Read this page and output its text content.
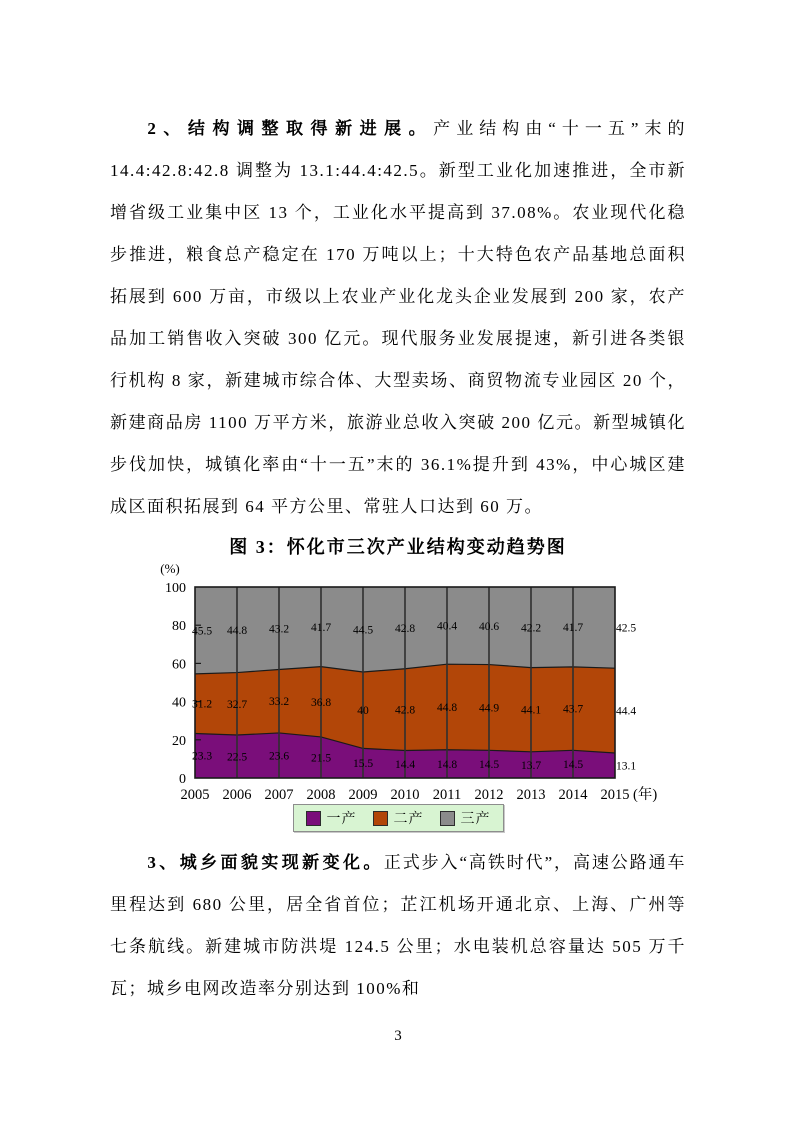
2、结构调整取得新进展。产业结构由“十一五”末的 14.4:42.8:42.8 调整为 13.1:44.4:42.5。新型工业化加速推进，全市新增省级工业集中区 13 个，工业化水平提高到 37.08%。农业现代化稳步推进，粮食总产稳定在 170 万吨以上；十大特色农产品基地总面积拓展到 600 万亩，市级以上农业产业化龙头企业发展到 200 家，农产品加工销售收入突破 300 亿元。现代服务业发展提速，新引进各类银行机构 8 家，新建城市综合体、大型卖场、商贸物流专业园区 20 个，新建商品房 1100 万平方米，旅游业总收入突破 200 亿元。新型城镇化步伐加快，城镇化率由“十一五”末的 36.1%提升到 43%，中心城区建成区面积拓展到 64 平方公里、常驻人口达到 60 万。

图 3：怀化市三次产业结构变动趋势图
0
20
40
60
80
100
(%)
2005 2006 2007 2008 2009 2010 2011 2012 2013 2014 2015 (年)
23.3
31.2
45.5
22.5
32.7
44.8
23.6
33.2
43.2
21.5
36.8
41.7
15.5
40
44.5
14.4
42.8
42.8
14.8
44.8
40.4
14.5
44.9
40.6
13.7
44.1
42.2
14.5
43.7
41.7
13.1
44.4
42.5
一产	二产	三产

3、城乡面貌实现新变化。正式步入“高铁时代”，高速公路通车里程达到 680 公里，居全省首位；芷江机场开通北京、上海、广州等七条航线。新建城市防洪堤 124.5 公里；水电装机总容量达 505 万千瓦；城乡电网改造率分别达到 100%和

3
